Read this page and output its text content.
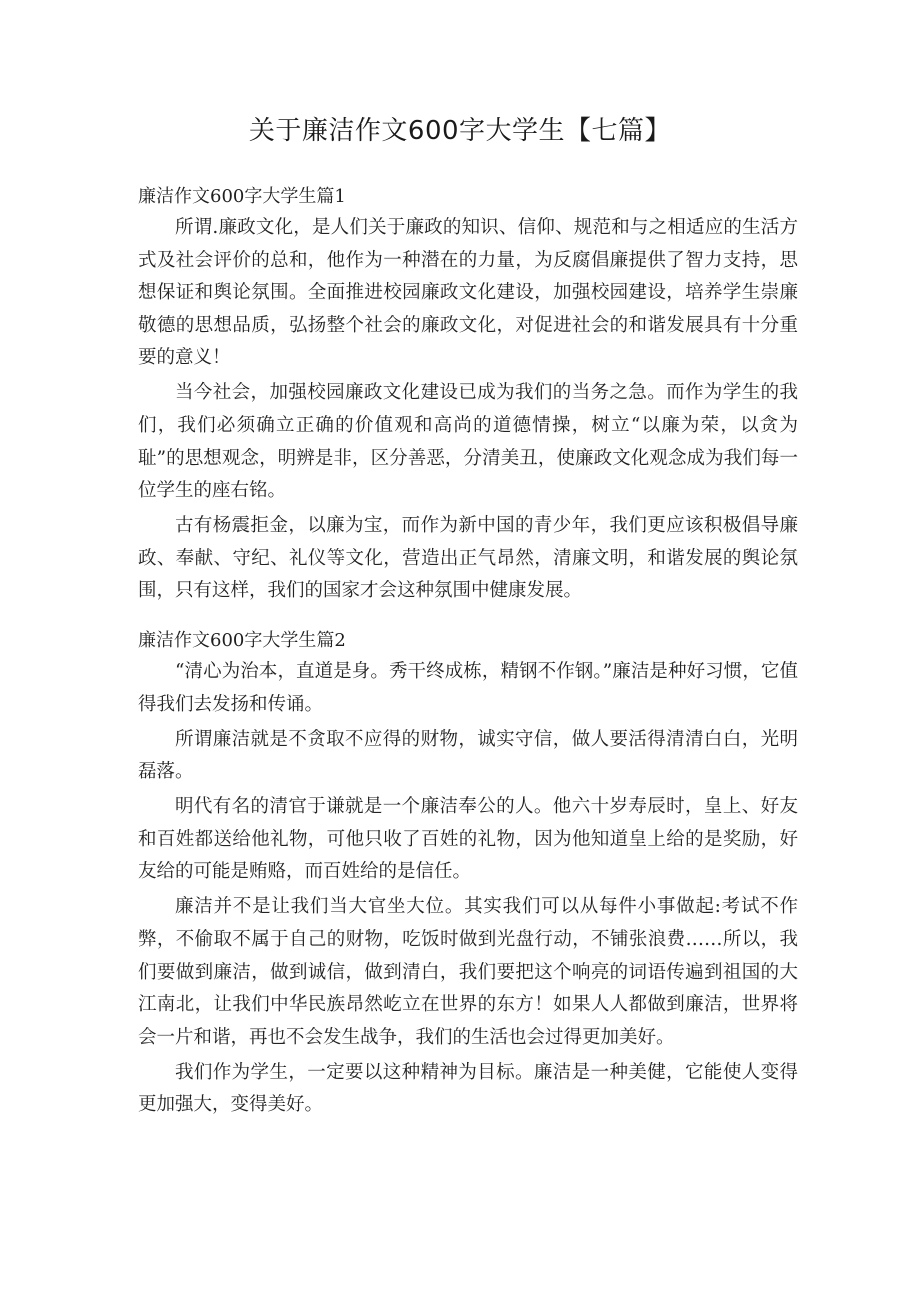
关于廉洁作文600字大学生【七篇】
廉洁作文600字大学生篇1

所谓.廉政文化，是人们关于廉政的知识、信仰、规范和与之相适应的生活方式及社会评价的总和，他作为一种潜在的力量，为反腐倡廉提供了智力支持，思想保证和舆论氛围。全面推进校园廉政文化建设，加强校园建设，培养学生崇廉敬德的思想品质，弘扬整个社会的廉政文化，对促进社会的和谐发展具有十分重要的意义！

当今社会，加强校园廉政文化建设已成为我们的当务之急。而作为学生的我们，我们必须确立正确的价值观和高尚的道德情操，树立“以廉为荣，以贪为耻”的思想观念，明辨是非，区分善恶，分清美丑，使廉政文化观念成为我们每一位学生的座右铭。

古有杨震拒金，以廉为宝，而作为新中国的青少年，我们更应该积极倡导廉政、奉献、守纪、礼仪等文化，营造出正气昂然，清廉文明，和谐发展的舆论氛围，只有这样，我们的国家才会这种氛围中健康发展。

廉洁作文600字大学生篇2

“清心为治本，直道是身。秀干终成栋，精钢不作钢。”廉洁是种好习惯，它值得我们去发扬和传诵。

所谓廉洁就是不贪取不应得的财物，诚实守信，做人要活得清清白白，光明磊落。

明代有名的清官于谦就是一个廉洁奉公的人。他六十岁寿辰时，皇上、好友和百姓都送给他礼物，可他只收了百姓的礼物，因为他知道皇上给的是奖励，好友给的可能是贿赂，而百姓给的是信任。

廉洁并不是让我们当大官坐大位。其实我们可以从每件小事做起:考试不作弊，不偷取不属于自己的财物，吃饭时做到光盘行动，不铺张浪费……所以，我们要做到廉洁，做到诚信，做到清白，我们要把这个响亮的词语传遍到祖国的大江南北，让我们中华民族昂然屹立在世界的东方！如果人人都做到廉洁，世界将会一片和谐，再也不会发生战争，我们的生活也会过得更加美好。

我们作为学生，一定要以这种精神为目标。廉洁是一种美健，它能使人变得更加强大，变得美好。
